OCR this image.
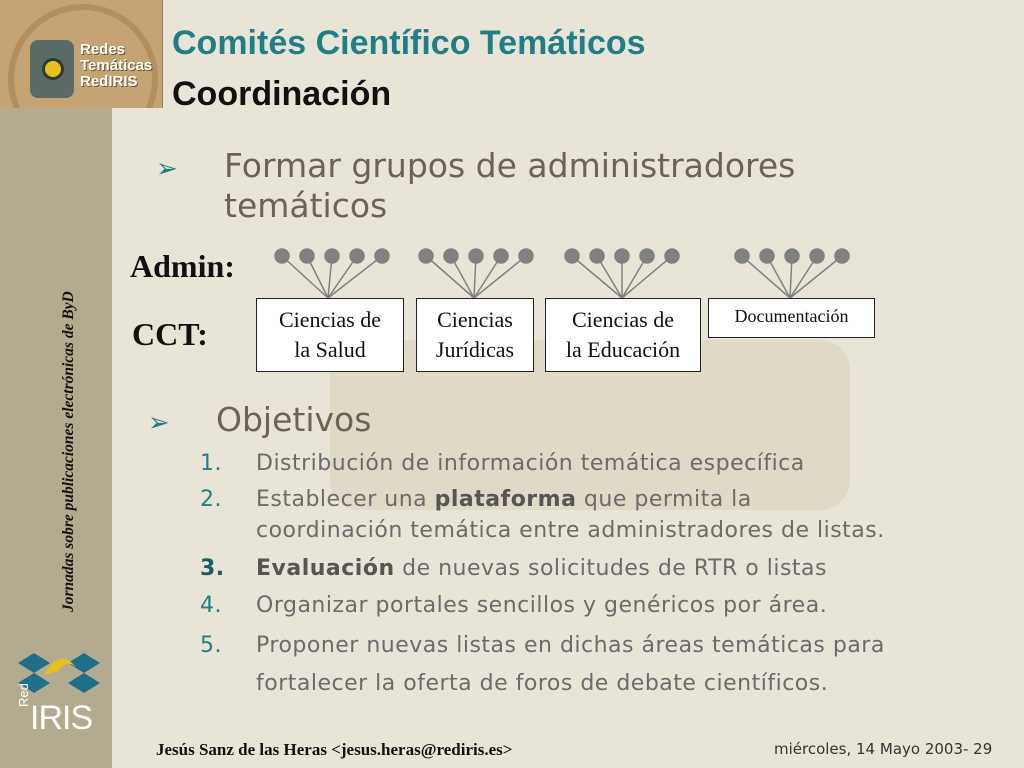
Redes
Temáticas
RedIRIS
Comités Científico Temáticos
Coordinación
Jornadas sobre publicaciones electrónicas de ByD
Red
IRIS
➢ Formar grupos de administradores
temáticos
Admin:
CCT:	Ciencias de
la Salud
Ciencias
Jurídicas
Ciencias de
la Educación
Documentación
➢ Objetivos
1. Distribución de información temática específica
2. Establecer una plataforma que permita la
coordinación temática entre administradores de listas.
3. Evaluación de nuevas solicitudes de RTR o listas
4. Organizar portales sencillos y genéricos por área.
5. Proponer nuevas listas en dichas áreas temáticas para
fortalecer la oferta de foros de debate científicos.
Jesús Sanz de las Heras <jesus.heras@rediris.es>	miércoles, 14 Mayo 2003- 29
